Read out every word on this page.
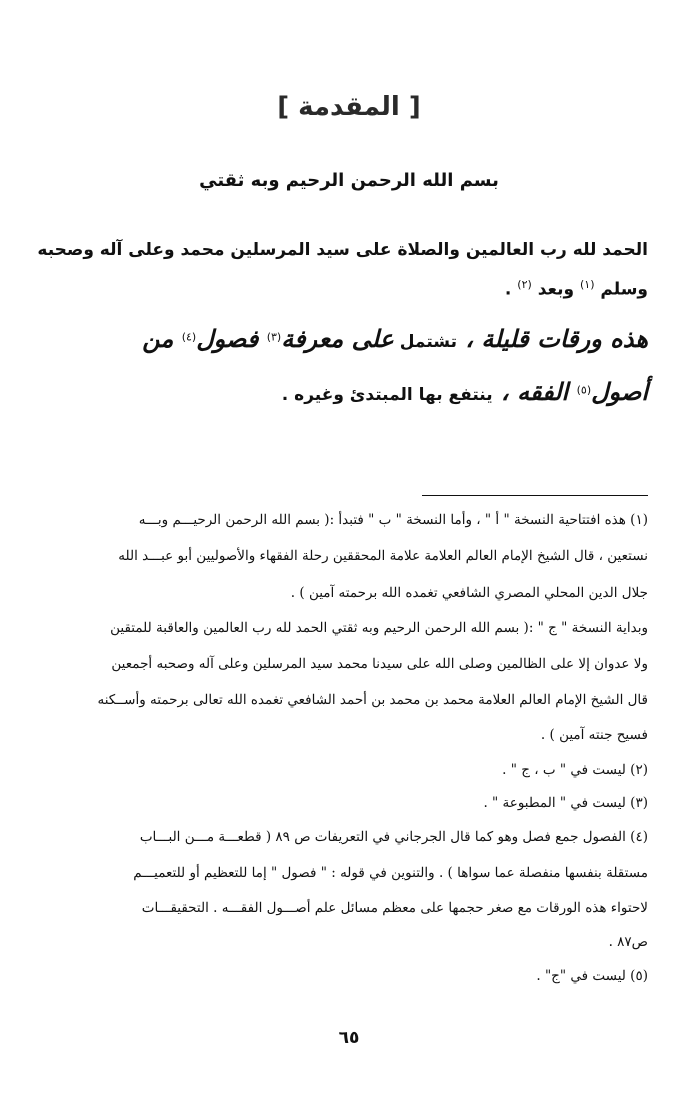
[ المقدمة ]
بسم الله الرحمن الرحيم وبه ثقتي
الحمد لله رب العالمين والصلاة على سيد المرسلين محمد وعلى آله وصحبه
وسلم $^{(١)}$ وبعد $^{(٢)}$ .
هذه ورقات قليلة ، تشتمل على معرفة$^{(٣)}$ فصول$^{(٤)}$ من
أصول$^{(٥)}$ الفقه ، ينتفع بها المبتدئ وغيره .
(١) هذه افتتاحية النسخة " أ " ، وأما النسخة " ب " فتبدأ :( بسم الله الرحمن الرحيـــم وبـــه
نستعين ، قال الشيخ الإمام العالم العلامة علامة المحققين رحلة الفقهاء والأصوليين أبو عبـــد الله
جلال الدين المحلي المصري الشافعي تغمده الله برحمته آمين ) .
وبداية النسخة " ج " :( بسم الله الرحمن الرحيم وبه ثقتي الحمد لله رب العالمين والعاقبة للمتقين
ولا عدوان إلا على الظالمين وصلى الله على سيدنا محمد سيد المرسلين وعلى آله وصحبه أجمعين
قال الشيخ الإمام العالم العلامة محمد بن محمد بن أحمد الشافعي تغمده الله تعالى برحمته وأســكنه
فسيح جنته آمين ) .
(٢) ليست في " ب ، ج " .
(٣) ليست في " المطبوعة " .
(٤) الفصول جمع فصل وهو كما قال الجرجاني في التعريفات ص ٨٩ ( قطعـــة مـــن البـــاب
مستقلة بنفسها منفصلة عما سواها ) . والتنوين في قوله : " فصول " إما للتعظيم أو للتعميـــم
لاحتواء هذه الورقات مع صغر حجمها على معظم مسائل علم أصـــول الفقـــه . التحقيقـــات
ص٨٧ .
(٥) ليست في "ج" .
٦٥
